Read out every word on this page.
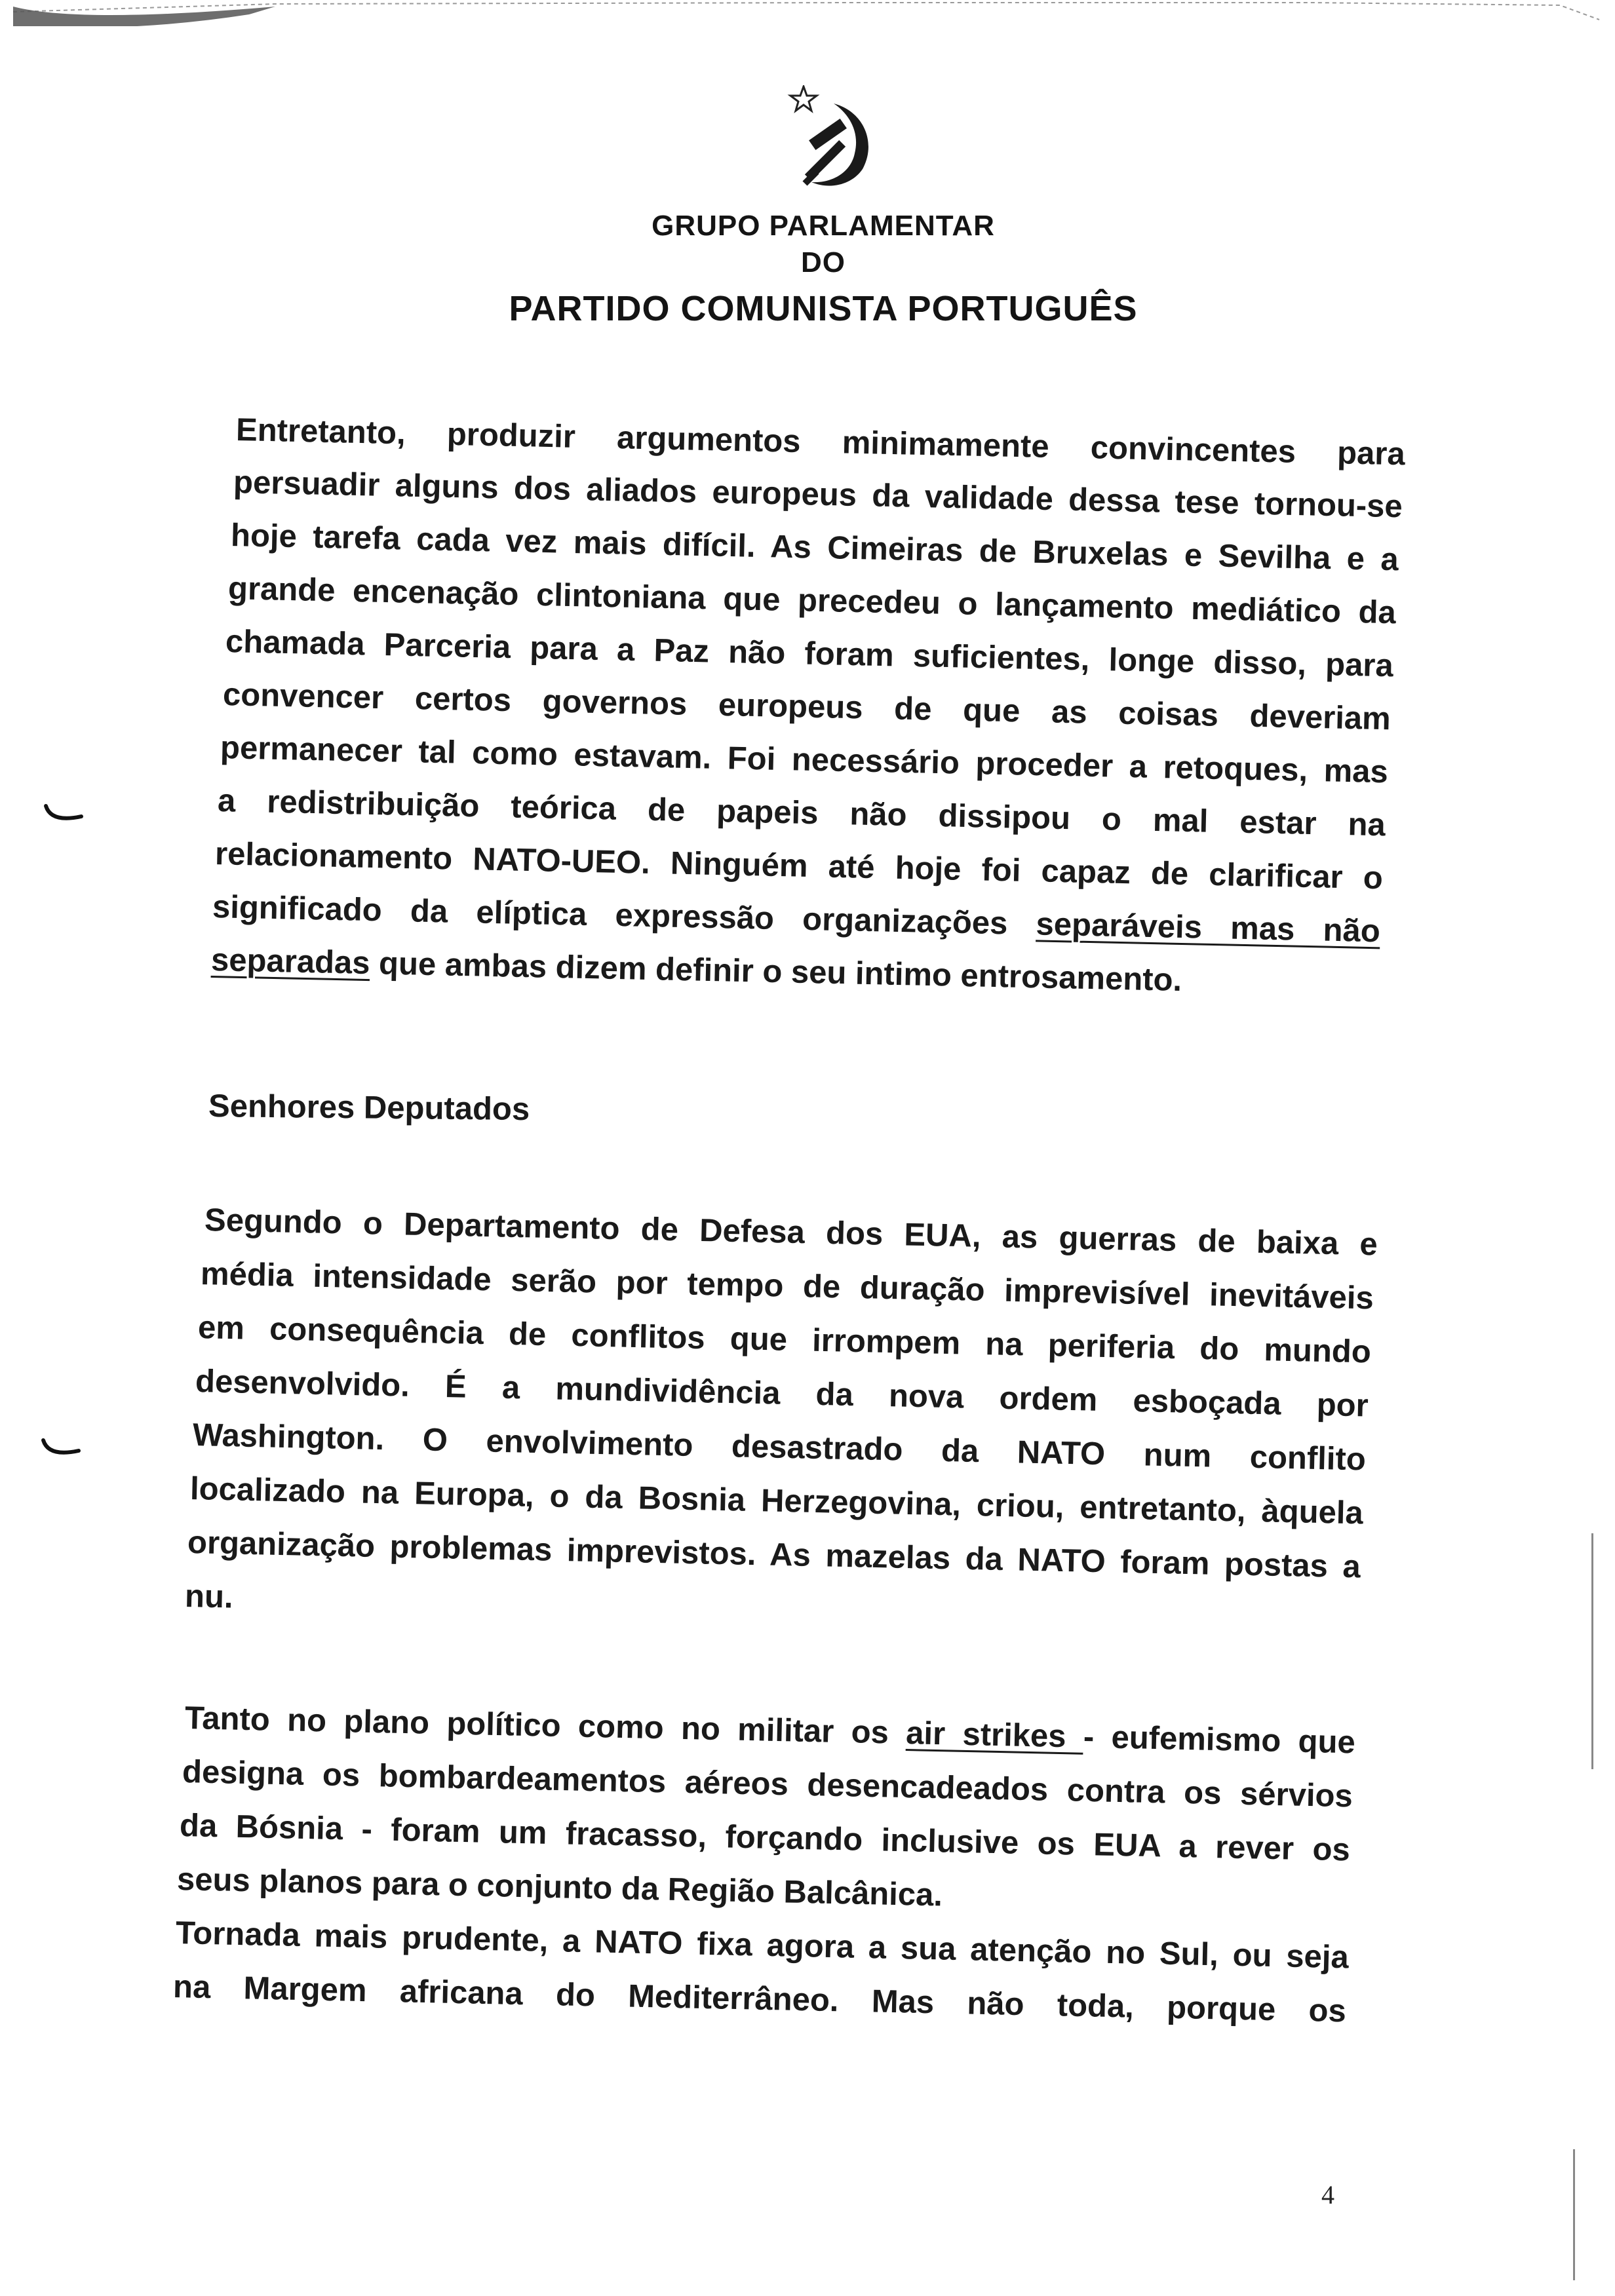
GRUPO PARLAMENTAR
DO
PARTIDO COMUNISTA PORTUGUÊS
Entretanto, produzir argumentos minimamente convincentes para
persuadir alguns dos aliados europeus da validade dessa tese tornou-se
hoje tarefa cada vez mais difícil. As Cimeiras de Bruxelas e Sevilha e a
grande encenação clintoniana que precedeu o lançamento mediático da
chamada Parceria para a Paz não foram suficientes, longe disso, para
convencer certos governos europeus de que as coisas deveriam
permanecer tal como estavam. Foi necessário proceder a retoques, mas
a redistribuição teórica de papeis não dissipou o mal estar na
relacionamento NATO-UEO. Ninguém até hoje foi capaz de clarificar o
significado da elíptica expressão organizações separáveis mas não
separadas que ambas dizem definir o seu intimo entrosamento.
Senhores Deputados
Segundo o Departamento de Defesa dos EUA, as guerras de baixa e
média intensidade serão por tempo de duração imprevisível inevitáveis
em consequência de conflitos que irrompem na periferia do mundo
desenvolvido. É a mundividência da nova ordem esboçada por
Washington. O envolvimento desastrado da NATO num conflito
localizado na Europa, o da Bosnia Herzegovina, criou, entretanto, àquela
organização problemas imprevistos. As mazelas da NATO foram postas a
nu.
Tanto no plano político como no militar os air strikes - eufemismo que
designa os bombardeamentos aéreos desencadeados contra os sérvios
da Bósnia - foram um fracasso, forçando inclusive os EUA a rever os
seus planos para o conjunto da Região Balcânica.
Tornada mais prudente, a NATO fixa agora a sua atenção no Sul, ou seja
na Margem africana do Mediterrâneo. Mas não toda, porque os
4
